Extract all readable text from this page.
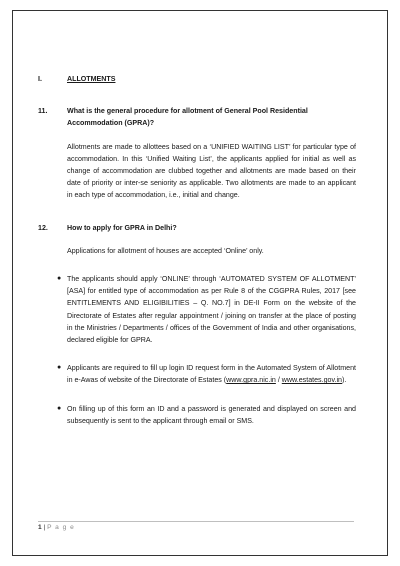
I.	ALLOTMENTS
11.	What is the general procedure for allotment of General Pool Residential Accommodation (GPRA)?

Allotments are made to allottees based on a ‘UNIFIED WAITING LIST’ for particular type of accommodation. In this ‘Unified Waiting List’, the applicants applied for initial as well as change of accommodation are clubbed together and allotments are made based on their date of priority or inter-se seniority as applicable. Two allotments are made to an applicant in each type of accommodation, i.e., initial and change.

12.	How to apply for GPRA in Delhi?

Applications for allotment of houses are accepted ‘Online’ only.

● The applicants should apply ‘ONLINE’ through ‘AUTOMATED SYSTEM OF ALLOTMENT’ [ASA] for entitled type of accommodation as per Rule 8 of the CGGPRA Rules, 2017 [see ENTITLEMENTS AND ELIGIBILITIES – Q. NO.7] in DE-II Form on the website of the Directorate of Estates after regular appointment / joining on transfer at the place of posting in the Ministries / Departments / offices of the Government of India and other organisations, declared eligible for GPRA.
● Applicants are required to fill up login ID request form in the Automated System of Allotment in e-Awas of website of the Directorate of Estates (www.gpra.nic.in / www.estates.gov.in).
● On filling up of this form an ID and a password is generated and displayed on screen and subsequently is sent to the applicant through email or SMS.
1 | P a g e
